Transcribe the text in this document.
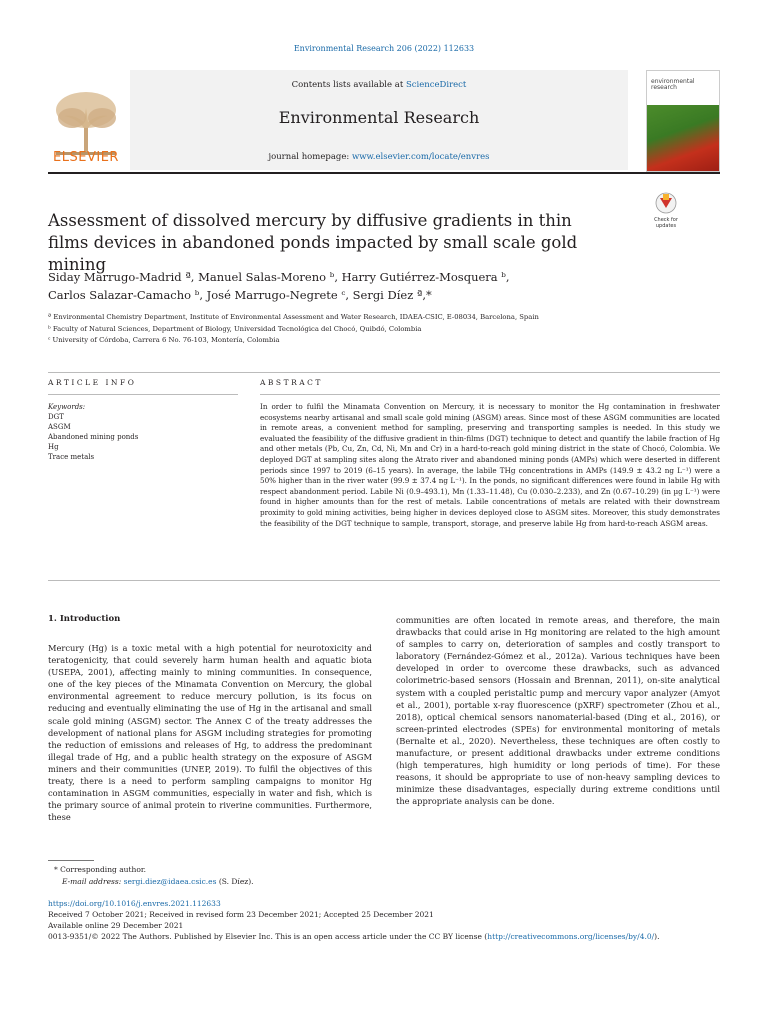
Environmental Research 206 (2022) 112633
Contents lists available at ScienceDirect
Environmental Research
journal homepage: www.elsevier.com/locate/envres
ELSEVIER
environmental research
Assessment of dissolved mercury by diffusive gradients in thin films devices in abandoned ponds impacted by small scale gold mining
Check for
updates
Siday Marrugo-Madrid ª, Manuel Salas-Moreno ᵇ, Harry Gutiérrez-Mosquera ᵇ,
Carlos Salazar-Camacho ᵇ, José Marrugo-Negrete ᶜ, Sergi Díez ª,*
ª Environmental Chemistry Department, Institute of Environmental Assessment and Water Research, IDAEA-CSIC, E-08034, Barcelona, Spain
ᵇ Faculty of Natural Sciences, Department of Biology, Universidad Tecnológica del Chocó, Quibdó, Colombia
ᶜ University of Córdoba, Carrera 6 No. 76-103, Montería, Colombia
ARTICLE INFO	ABSTRACT
Keywords:
DGT
ASGM
Abandoned mining ponds
Hg
Trace metals
In order to fulfil the Minamata Convention on Mercury, it is necessary to monitor the Hg contamination in freshwater ecosystems nearby artisanal and small scale gold mining (ASGM) areas. Since most of these ASGM communities are located in remote areas, a convenient method for sampling, preserving and transporting samples is needed. In this study we evaluated the feasibility of the diffusive gradient in thin-films (DGT) technique to detect and quantify the labile fraction of Hg and other metals (Pb, Cu, Zn, Cd, Ni, Mn and Cr) in a hard-to-reach gold mining district in the state of Chocó, Colombia. We deployed DGT at sampling sites along the Atrato river and abandoned mining ponds (AMPs) which were deserted in different periods since 1997 to 2019 (6–15 years). In average, the labile THg concentrations in AMPs (149.9 ± 43.2 ng L⁻¹) were a 50% higher than in the river water (99.9 ± 37.4 ng L⁻¹). In the ponds, no significant differences were found in labile Hg with respect abandonment period. Labile Ni (0.9–493.1), Mn (1.33–11.48), Cu (0.030–2.233), and Zn (0.67–10.29) (in µg L⁻¹) were found in higher amounts than for the rest of metals. Labile concentrations of metals are related with their downstream proximity to gold mining activities, being higher in devices deployed close to ASGM sites. Moreover, this study demonstrates the feasibility of the DGT technique to sample, transport, storage, and preserve labile Hg from hard-to-reach ASGM areas.
1. Introduction
Mercury (Hg) is a toxic metal with a high potential for neurotoxicity and teratogenicity, that could severely harm human health and aquatic biota (USEPA, 2001), affecting mainly to mining communities. In consequence, one of the key pieces of the Minamata Convention on Mercury, the global environmental agreement to reduce mercury pollution, is its focus on reducing and eventually eliminating the use of Hg in the artisanal and small scale gold mining (ASGM) sector. The Annex C of the treaty addresses the development of national plans for ASGM including strategies for promoting the reduction of emissions and releases of Hg, to address the predominant illegal trade of Hg, and a public health strategy on the exposure of ASGM miners and their communities (UNEP, 2019). To fulfil the objectives of this treaty, there is a need to perform sampling campaigns to monitor Hg contamination in ASGM communities, especially in water and fish, which is the primary source of animal protein to riverine communities. Furthermore, these
communities are often located in remote areas, and therefore, the main drawbacks that could arise in Hg monitoring are related to the high amount of samples to carry on, deterioration of samples and costly transport to laboratory (Fernández-Gómez et al., 2012a). Various techniques have been developed in order to overcome these drawbacks, such as advanced colorimetric-based sensors (Hossain and Brennan, 2011), on-site analytical system with a coupled peristaltic pump and mercury vapor analyzer (Amyot et al., 2001), portable x-ray fluorescence (pXRF) spectrometer (Zhou et al., 2018), optical chemical sensors nanomaterial-based (Ding et al., 2016), or screen-printed electrodes (SPEs) for environmental monitoring of metals (Bernalte et al., 2020). Nevertheless, these techniques are often costly to manufacture, or present additional drawbacks under extreme conditions (high temperatures, high humidity or long periods of time). For these reasons, it should be appropriate to use of non-heavy sampling devices to minimize these disadvantages, especially during extreme conditions until the appropriate analysis can be done.
* Corresponding author.
E-mail address: sergi.diez@idaea.csic.es (S. Díez).
https://doi.org/10.1016/j.envres.2021.112633
Received 7 October 2021; Received in revised form 23 December 2021; Accepted 25 December 2021
Available online 29 December 2021
0013-9351/© 2022 The Authors. Published by Elsevier Inc. This is an open access article under the CC BY license (http://creativecommons.org/licenses/by/4.0/).
